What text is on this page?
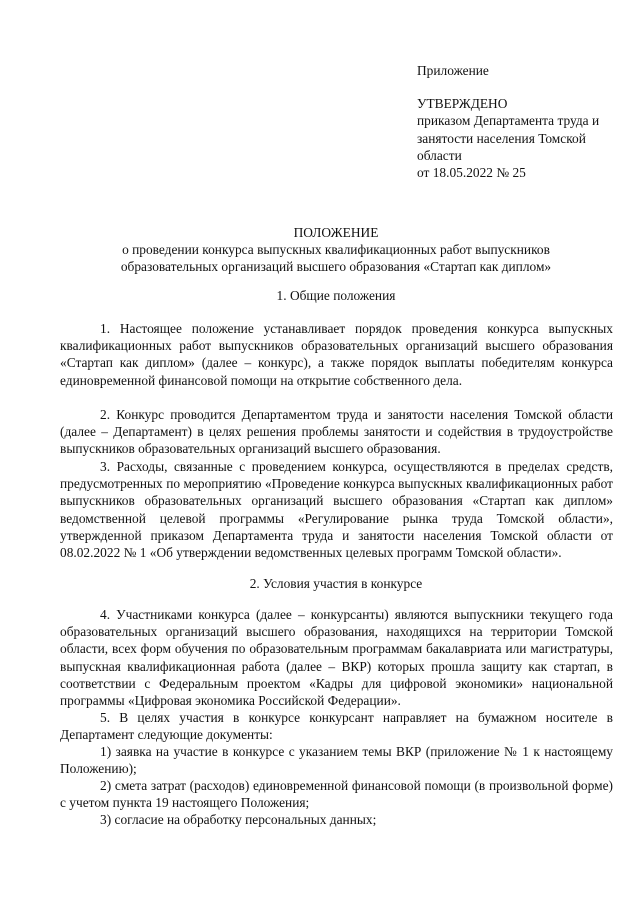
Приложение
УТВЕРЖДЕНО
приказом Департамента труда и
занятости населения Томской
области
от 18.05.2022 № 25
ПОЛОЖЕНИЕ
о проведении конкурса выпускных квалификационных работ выпускников
образовательных организаций высшего образования «Стартап как диплом»
1. Общие положения

1. Настоящее положение устанавливает порядок проведения конкурса выпускных квалификационных работ выпускников образовательных организаций высшего образования «Стартап как диплом» (далее – конкурс), а также порядок выплаты победителям конкурса единовременной финансовой помощи на открытие собственного дела.

2. Конкурс проводится Департаментом труда и занятости населения Томской области (далее – Департамент) в целях решения проблемы занятости и содействия в трудоустройстве выпускников образовательных организаций высшего образования.

3. Расходы, связанные с проведением конкурса, осуществляются в пределах средств, предусмотренных по мероприятию «Проведение конкурса выпускных квалификационных работ выпускников образовательных организаций высшего образования «Стартап как диплом» ведомственной целевой программы «Регулирование рынка труда Томской области», утвержденной приказом Департамента труда и занятости населения Томской области от 08.02.2022 № 1 «Об утверждении ведомственных целевых программ Томской области».

2. Условия участия в конкурсе

4. Участниками конкурса (далее – конкурсанты) являются выпускники текущего года образовательных организаций высшего образования, находящихся на территории Томской области, всех форм обучения по образовательным программам бакалавриата или магистратуры, выпускная квалификационная работа (далее – ВКР) которых прошла защиту как стартап, в соответствии с Федеральным проектом «Кадры для цифровой экономики» национальной программы «Цифровая экономика Российской Федерации».

5. В целях участия в конкурсе конкурсант направляет на бумажном носителе в Департамент следующие документы:

1) заявка на участие в конкурсе с указанием темы ВКР (приложение № 1 к настоящему Положению);

2) смета затрат (расходов) единовременной финансовой помощи (в произвольной форме) с учетом пункта 19 настоящего Положения;

3) согласие на обработку персональных данных;
